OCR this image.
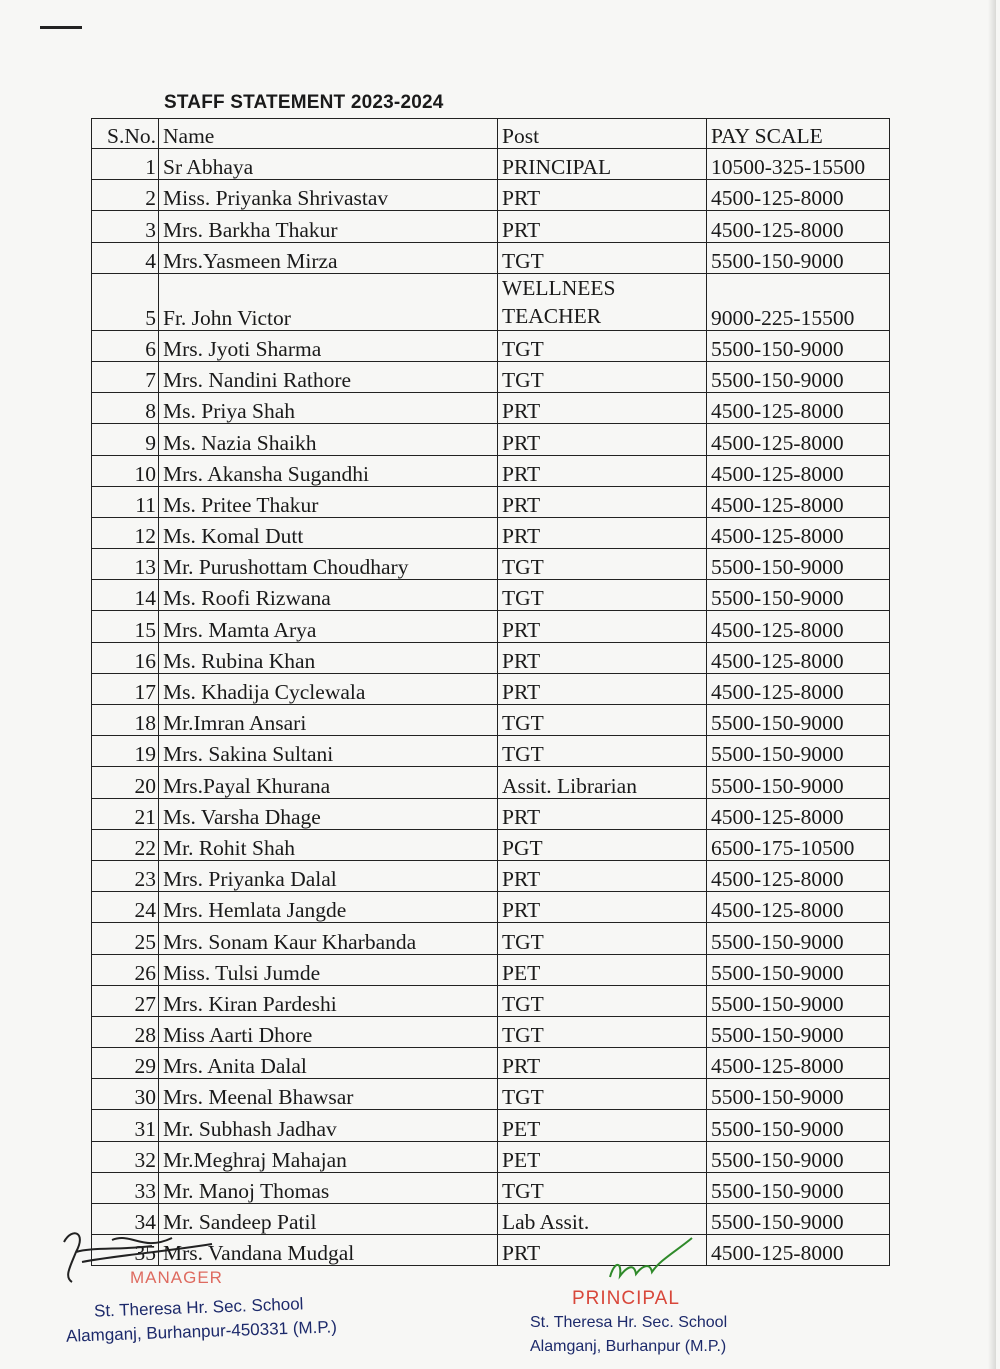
STAFF STATEMENT 2023-2024
S.No.	Name	Post	PAY SCALE
1	Sr Abhaya	PRINCIPAL	10500-325-15500
2	Miss. Priyanka Shrivastav	PRT	4500-125-8000
3	Mrs. Barkha Thakur	PRT	4500-125-8000
4	Mrs.Yasmeen Mirza	TGT	5500-150-9000
5	Fr. John Victor	WELLNEES TEACHER	9000-225-15500
6	Mrs. Jyoti Sharma	TGT	5500-150-9000
7	Mrs. Nandini Rathore	TGT	5500-150-9000
8	Ms. Priya Shah	PRT	4500-125-8000
9	Ms. Nazia Shaikh	PRT	4500-125-8000
10	Mrs. Akansha Sugandhi	PRT	4500-125-8000
11	Ms. Pritee Thakur	PRT	4500-125-8000
12	Ms. Komal Dutt	PRT	4500-125-8000
13	Mr. Purushottam Choudhary	TGT	5500-150-9000
14	Ms. Roofi Rizwana	TGT	5500-150-9000
15	Mrs. Mamta Arya	PRT	4500-125-8000
16	Ms. Rubina Khan	PRT	4500-125-8000
17	Ms. Khadija Cyclewala	PRT	4500-125-8000
18	Mr.Imran Ansari	TGT	5500-150-9000
19	Mrs. Sakina Sultani	TGT	5500-150-9000
20	Mrs.Payal Khurana	Assit. Librarian	5500-150-9000
21	Ms. Varsha Dhage	PRT	4500-125-8000
22	Mr. Rohit Shah	PGT	6500-175-10500
23	Mrs. Priyanka Dalal	PRT	4500-125-8000
24	Mrs. Hemlata Jangde	PRT	4500-125-8000
25	Mrs. Sonam Kaur Kharbanda	TGT	5500-150-9000
26	Miss. Tulsi Jumde	PET	5500-150-9000
27	Mrs. Kiran Pardeshi	TGT	5500-150-9000
28	Miss Aarti Dhore	TGT	5500-150-9000
29	Mrs. Anita Dalal	PRT	4500-125-8000
30	Mrs. Meenal Bhawsar	TGT	5500-150-9000
31	Mr. Subhash Jadhav	PET	5500-150-9000
32	Mr.Meghraj Mahajan	PET	5500-150-9000
33	Mr. Manoj Thomas	TGT	5500-150-9000
34	Mr. Sandeep Patil	Lab Assit.	5500-150-9000
35	Mrs. Vandana Mudgal	PRT	4500-125-8000
MANAGER
St. Theresa Hr. Sec. School
Alamganj, Burhanpur-450331 (M.P.)
PRINCIPAL
St. Theresa Hr. Sec. School
Alamganj, Burhanpur (M.P.)
